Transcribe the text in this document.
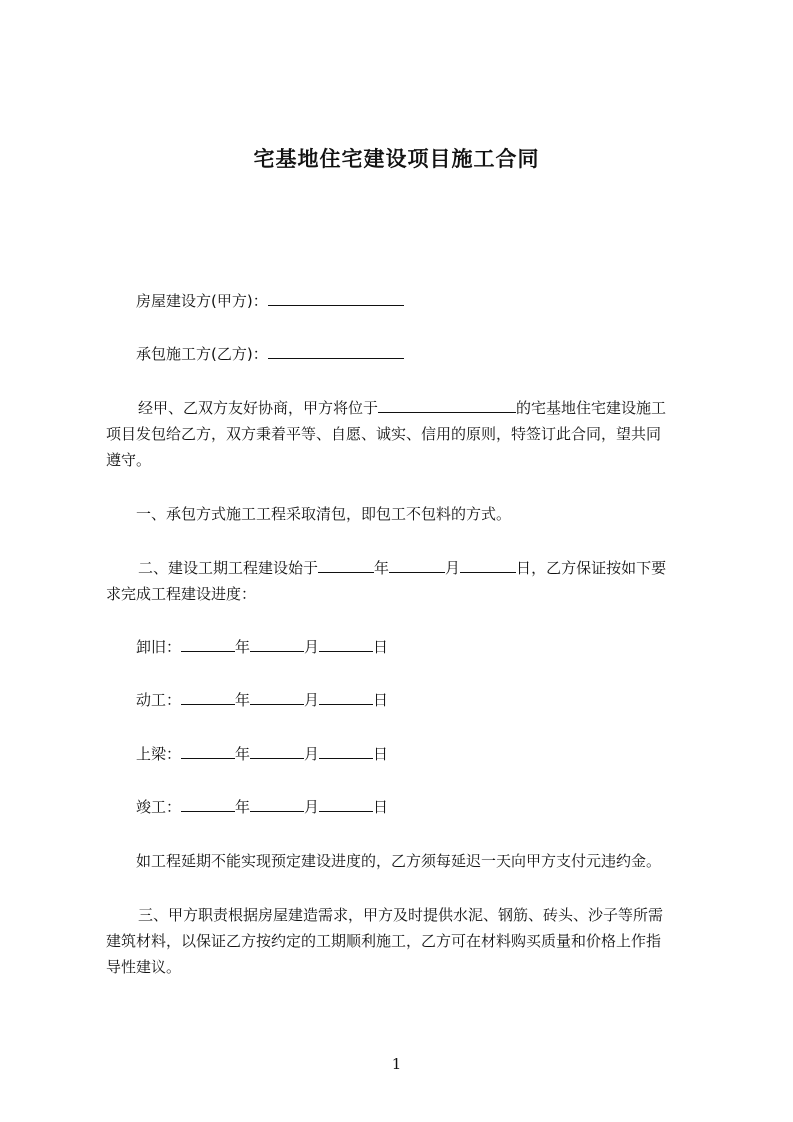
宅基地住宅建设项目施工合同
房屋建设方(甲方)：
承包施工方(乙方)：
经甲、乙双方友好协商，甲方将位于	的宅基地住宅建设施工
项目发包给乙方，双方秉着平等、自愿、诚实、信用的原则，特签订此合同，望共同
遵守。
一、承包方式施工工程采取清包，即包工不包料的方式。
二、建设工期工程建设始于	年	月	日，乙方保证按如下要
求完成工程建设进度：
卸旧：	年	月	日
动工：	年	月	日
上梁：	年	月	日
竣工：	年	月	日
如工程延期不能实现预定建设进度的，乙方须每延迟一天向甲方支付元违约金。
三、甲方职责根据房屋建造需求，甲方及时提供水泥、钢筋、砖头、沙子等所需
建筑材料，以保证乙方按约定的工期顺利施工，乙方可在材料购买质量和价格上作指
导性建议。
1
